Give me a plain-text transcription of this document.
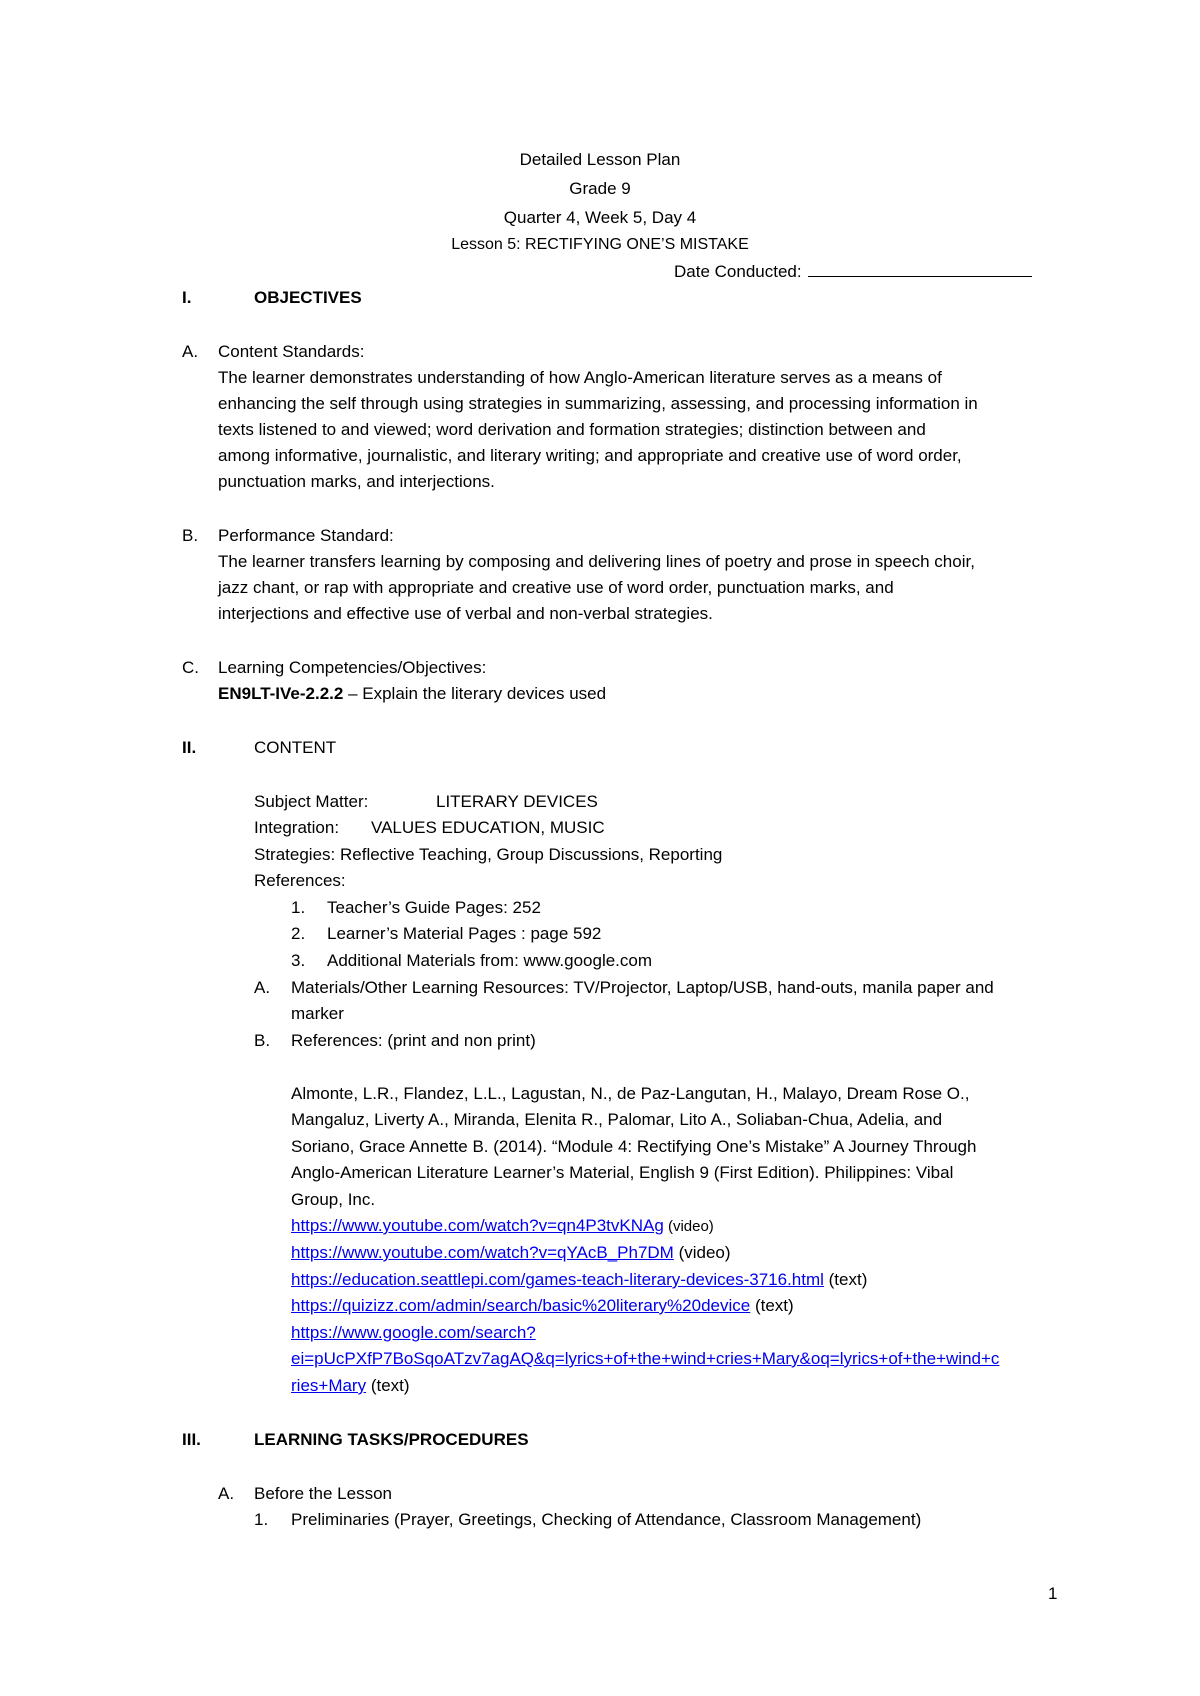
Detailed Lesson Plan
Grade 9
Quarter 4, Week 5, Day 4
Lesson 5: RECTIFYING ONE’S MISTAKE
Date Conducted:
I.	OBJECTIVES
A. Content Standards:
The learner demonstrates understanding of how Anglo-American literature serves as a means of
enhancing the self through using strategies in summarizing, assessing, and processing information in
texts listened to and viewed; word derivation and formation strategies; distinction between and
among informative, journalistic, and literary writing; and appropriate and creative use of word order,
punctuation marks, and interjections.
B. Performance Standard:
The learner transfers learning by composing and delivering lines of poetry and prose in speech choir,
jazz chant, or rap with appropriate and creative use of word order, punctuation marks, and
interjections and effective use of verbal and non-verbal strategies.
C. Learning Competencies/Objectives:
EN9LT-IVe-2.2.2 – Explain the literary devices used
II.	CONTENT
Subject Matter:	LITERARY DEVICES
Integration: VALUES EDUCATION, MUSIC
Strategies: Reflective Teaching, Group Discussions, Reporting
References:
1. Teacher’s Guide Pages: 252
2. Learner’s Material Pages : page 592
3. Additional Materials from: www.google.com
A. Materials/Other Learning Resources: TV/Projector, Laptop/USB, hand-outs, manila paper and
marker
B. References: (print and non print)
Almonte, L.R., Flandez, L.L., Lagustan, N., de Paz-Langutan, H., Malayo, Dream Rose O.,
Mangaluz, Liverty A., Miranda, Elenita R., Palomar, Lito A., Soliaban-Chua, Adelia, and
Soriano, Grace Annette B. (2014). “Module 4: Rectifying One’s Mistake” A Journey Through
Anglo-American Literature Learner’s Material, English 9 (First Edition). Philippines: Vibal
Group, Inc.
https://www.youtube.com/watch?v=qn4P3tvKNAg (video)
https://www.youtube.com/watch?v=qYAcB_Ph7DM (video)
https://education.seattlepi.com/games-teach-literary-devices-3716.html (text)
https://quizizz.com/admin/search/basic%20literary%20device (text)
https://www.google.com/search?
ei=pUcPXfP7BoSqoATzv7agAQ&q=lyrics+of+the+wind+cries+Mary&oq=lyrics+of+the+wind+c
ries+Mary (text)
III.	LEARNING TASKS/PROCEDURES
A. Before the Lesson
1. Preliminaries (Prayer, Greetings, Checking of Attendance, Classroom Management)
1
